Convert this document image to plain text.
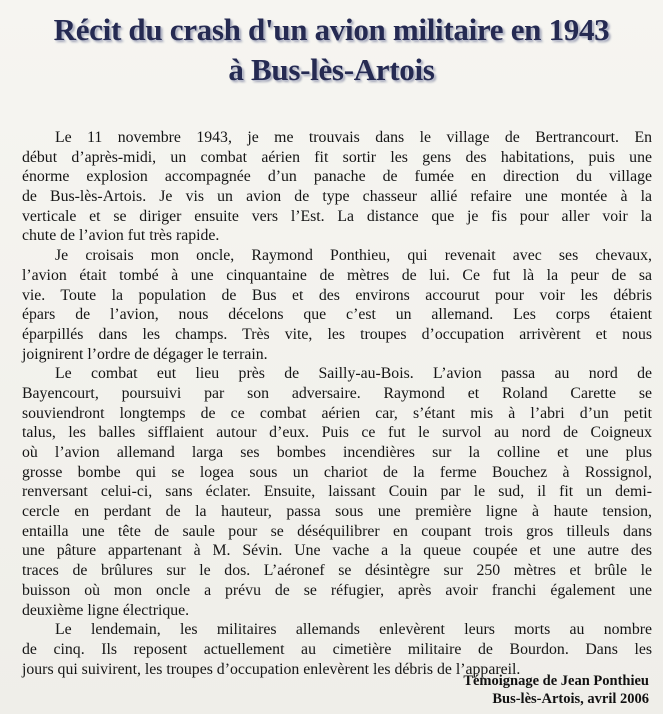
Récit du crash d'un avion militaire en 1943
à Bus-lès-Artois
Le 11 novembre 1943, je me trouvais dans le village de Bertrancourt. En
début d’après-midi, un combat aérien fit sortir les gens des habitations, puis une
énorme explosion accompagnée d’un panache de fumée en direction du village
de Bus-lès-Artois. Je vis un avion de type chasseur allié refaire une montée à la
verticale et se diriger ensuite vers l’Est. La distance que je fis pour aller voir la
chute de l’avion fut très rapide.
Je croisais mon oncle, Raymond Ponthieu, qui revenait avec ses chevaux,
l’avion était tombé à une cinquantaine de mètres de lui. Ce fut là la peur de sa
vie. Toute la population de Bus et des environs accourut pour voir les débris
épars de l’avion, nous décelons que c’est un allemand. Les corps étaient
éparpillés dans les champs. Très vite, les troupes d’occupation arrivèrent et nous
joignirent l’ordre de dégager le terrain.
Le combat eut lieu près de Sailly-au-Bois. L’avion passa au nord de
Bayencourt, poursuivi par son adversaire. Raymond et Roland Carette se
souviendront longtemps de ce combat aérien car, s’étant mis à l’abri d’un petit
talus, les balles sifflaient autour d’eux. Puis ce fut le survol au nord de Coigneux
où l’avion allemand larga ses bombes incendières sur la colline et une plus
grosse bombe qui se logea sous un chariot de la ferme Bouchez à Rossignol,
renversant celui-ci, sans éclater. Ensuite, laissant Couin par le sud, il fit un demi-
cercle en perdant de la hauteur, passa sous une première ligne à haute tension,
entailla une tête de saule pour se déséquilibrer en coupant trois gros tilleuls dans
une pâture appartenant à M. Sévin. Une vache a la queue coupée et une autre des
traces de brûlures sur le dos. L’aéronef se désintègre sur 250 mètres et brûle le
buisson où mon oncle a prévu de se réfugier, après avoir franchi également une
deuxième ligne électrique.
Le lendemain, les militaires allemands enlevèrent leurs morts au nombre
de cinq. Ils reposent actuellement au cimetière militaire de Bourdon. Dans les
jours qui suivirent, les troupes d’occupation enlevèrent les débris de l’appareil.
Témoignage de Jean Ponthieu
Bus-lès-Artois, avril 2006
